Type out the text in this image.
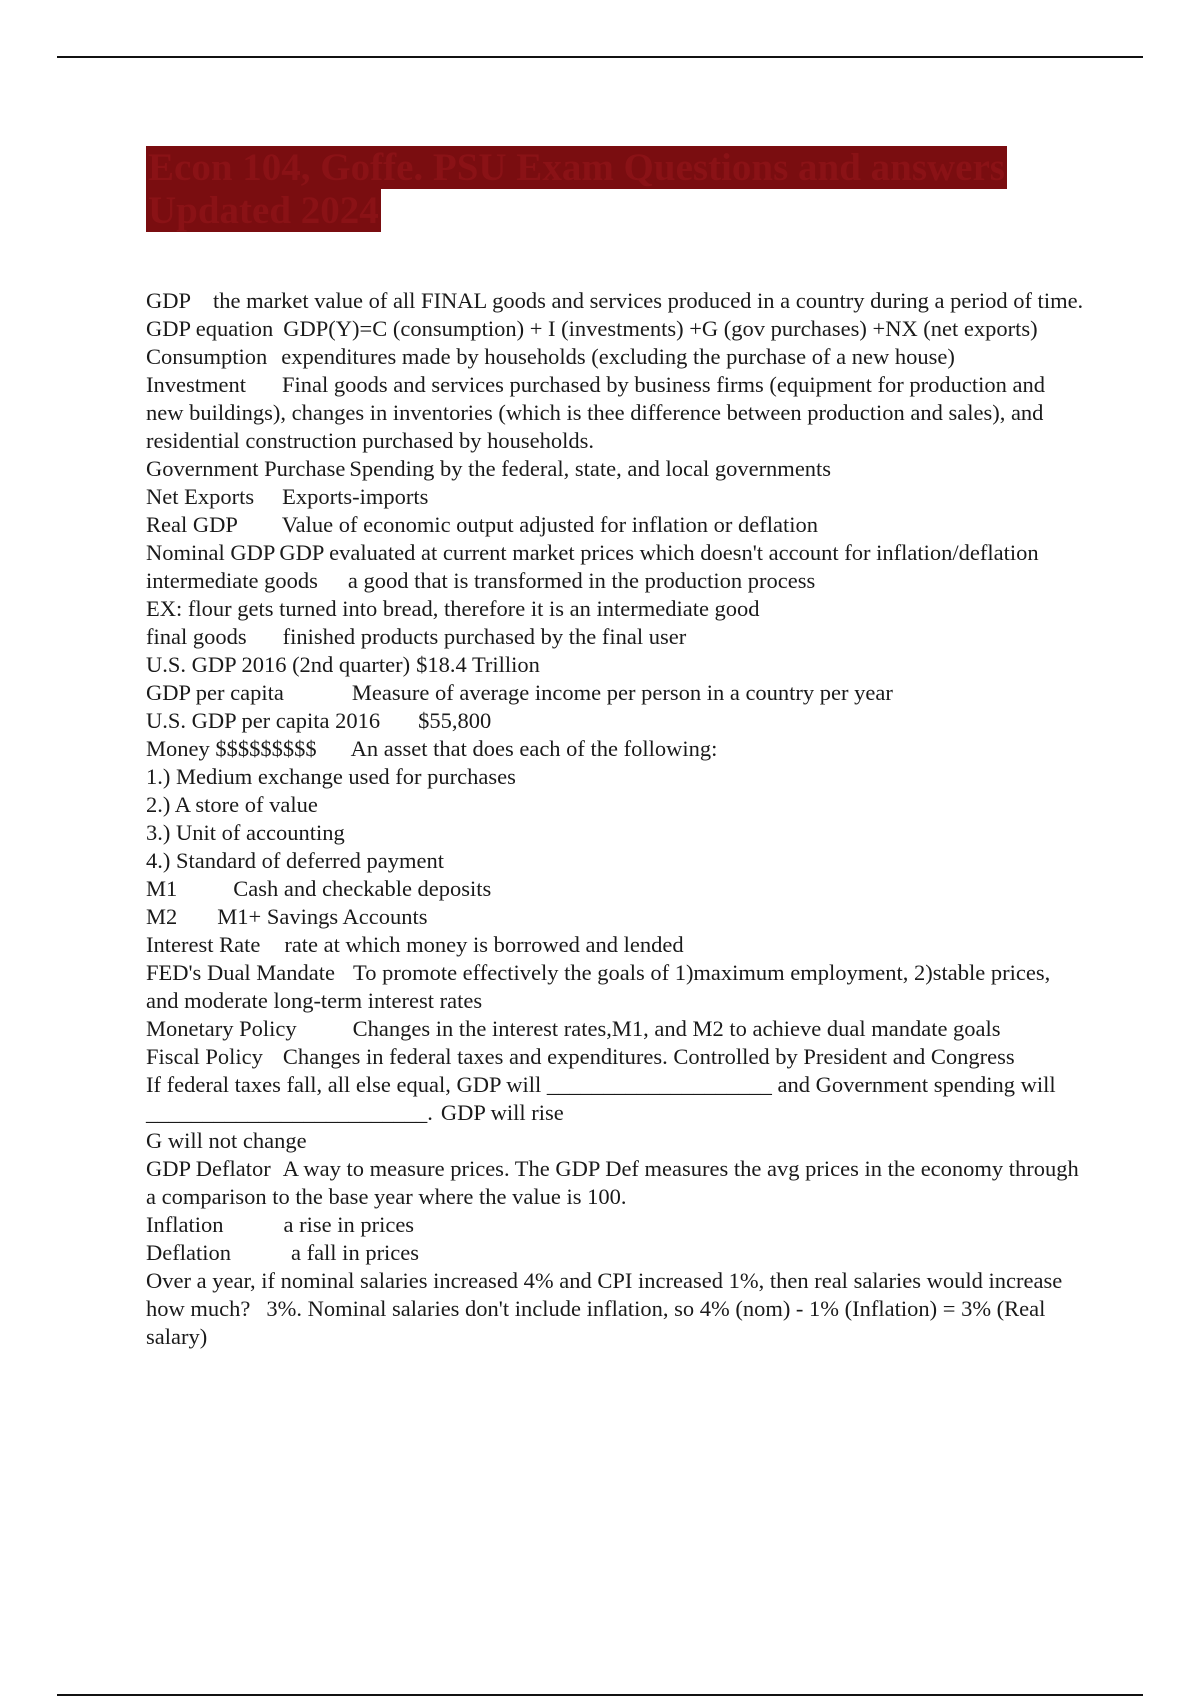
Econ 104, Goffe. PSU Exam Questions and answers
Updated 2024
GDP the market value of all FINAL goods and services produced in a country during a period of time.
GDP equation GDP(Y)=C (consumption) + I (investments) +G (gov purchases) +NX (net exports)
Consumption expenditures made by households (excluding the purchase of a new house)
Investment Final goods and services purchased by business firms (equipment for production and new buildings), changes in inventories (which is thee difference between production and sales), and residential construction purchased by households.
Government Purchase Spending by the federal, state, and local governments
Net Exports Exports-imports
Real GDP Value of economic output adjusted for inflation or deflation
Nominal GDP GDP evaluated at current market prices which doesn't account for inflation/deflation
intermediate goods a good that is transformed in the production process
EX: flour gets turned into bread, therefore it is an intermediate good
final goods finished products purchased by the final user
U.S. GDP 2016 (2nd quarter) $18.4 Trillion
GDP per capita	Measure of average income per person in a country per year
U.S. GDP per capita 2016 $55,800
Money $$$$$$$$$ An asset that does each of the following:
1.) Medium exchange used for purchases
2.) A store of value
3.) Unit of accounting
4.) Standard of deferred payment
M1 Cash and checkable deposits
M2 M1+ Savings Accounts
Interest Rate rate at which money is borrowed and lended
FED's Dual Mandate To promote effectively the goals of 1)maximum employment, 2)stable prices, and moderate long-term interest rates
Monetary Policy Changes in the interest rates,M1, and M2 to achieve dual mandate goals
Fiscal Policy Changes in federal taxes and expenditures. Controlled by President and Congress
If federal taxes fall, all else equal, GDP will ____________________ and Government spending will _________________________. GDP will rise
G will not change
GDP Deflator A way to measure prices. The GDP Def measures the avg prices in the economy through a comparison to the base year where the value is 100.
Inflation	a rise in prices
Deflation	a fall in prices
Over a year, if nominal salaries increased 4% and CPI increased 1%, then real salaries would increase how much? 3%. Nominal salaries don't include inflation, so 4% (nom) - 1% (Inflation) = 3% (Real salary)
